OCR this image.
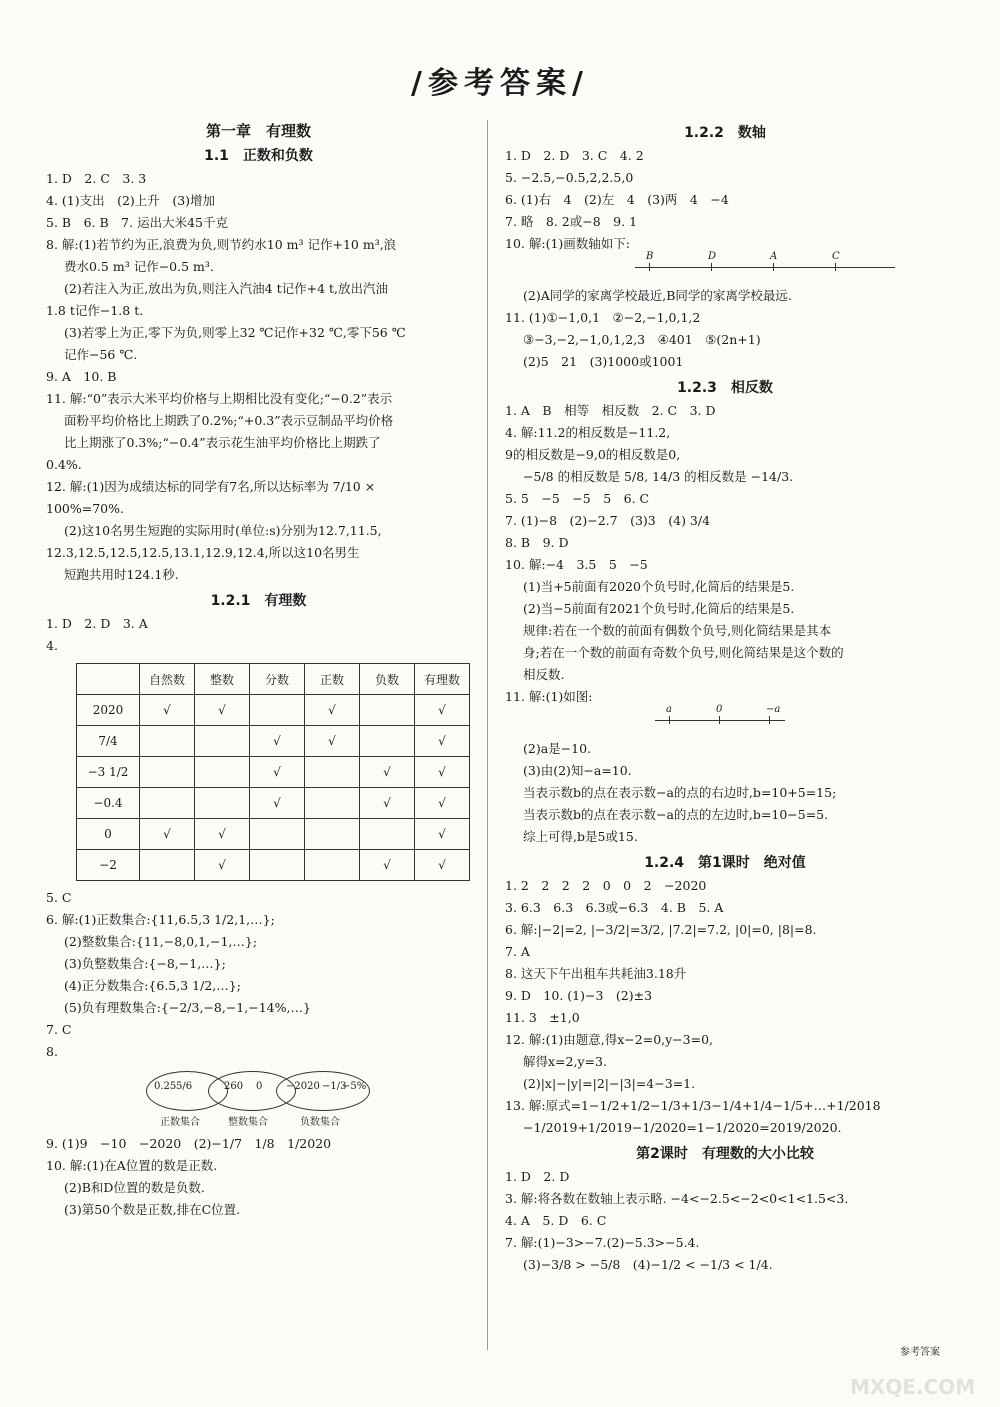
/参考答案/
第一章　有理数
1.1　正数和负数
1. D　2. C　3. 3
4. (1)支出　(2)上升　(3)增加
5. B　6. B　7. 运出大米45千克
8. 解:(1)若节约为正,浪费为负,则节约水10 m³ 记作+10 m³,浪
费水0.5 m³ 记作−0.5 m³.
(2)若注入为正,放出为负,则注入汽油4 t记作+4 t,放出汽油
1.8 t记作−1.8 t.
(3)若零上为正,零下为负,则零上32 ℃记作+32 ℃,零下56 ℃
记作−56 ℃.
9. A　10. B
11. 解:“0”表示大米平均价格与上期相比没有变化;“−0.2”表示
面粉平均价格比上期跌了0.2%;“+0.3”表示豆制品平均价格
比上期涨了0.3%;“−0.4”表示花生油平均价格比上期跌了
0.4%.
12. 解:(1)因为成绩达标的同学有7名,所以达标率为 7/10 ×
100%=70%.
(2)这10名男生短跑的实际用时(单位:s)分别为12.7,11.5,
12.3,12.5,12.5,12.5,13.1,12.9,12.4,所以这10名男生
短跑共用时124.1秒.
1.2.1　有理数
1. D　2. D　3. A
4.
	自然数	整数	分数	正数	负数	有理数
2020	√	√		√		√
7/4			√	√		√
−3 1/2			√		√	√
−0.4			√		√	√
0	√	√				√
−2		√			√	√
5. C
6. 解:(1)正数集合:{11,6.5,3 1/2,1,…};
(2)整数集合:{11,−8,0,1,−1,…};
(3)负整数集合:{−8,−1,…};
(4)正分数集合:{6.5,3 1/2,…};
(5)负有理数集合:{−2/3,−8,−1,−14%,…}
7. C
8.
0.25 5/6	260 0 −2020 −1/3
−5%
正数集合	整数集合	负数集合
9. (1)9　−10　−2020　(2)−1/7　1/8　1/2020
10. 解:(1)在A位置的数是正数.
(2)B和D位置的数是负数.
(3)第50个数是正数,排在C位置.
1.2.2　数轴
1. D　2. D　3. C　4. 2
5. −2.5,−0.5,2,2.5,0
6. (1)右　4　(2)左　4　(3)两　4　−4
7. 略　8. 2或−8　9. 1
10. 解:(1)画数轴如下:
B	D	A	C
(2)A同学的家离学校最近,B同学的家离学校最远.
11. (1)①−1,0,1　②−2,−1,0,1,2
③−3,−2,−1,0,1,2,3　④401　⑤(2n+1)
(2)5　21　(3)1000或1001
1.2.3　相反数
1. A　B　相等　相反数　2. C　3. D
4. 解:11.2的相反数是−11.2,
9的相反数是−9,0的相反数是0,
−5/8 的相反数是 5/8, 14/3 的相反数是 −14/3.
5. 5　−5　−5　5　6. C
7. (1)−8　(2)−2.7　(3)3　(4) 3/4
8. B　9. D
10. 解:−4　3.5　5　−5
(1)当+5前面有2020个负号时,化简后的结果是5.
(2)当−5前面有2021个负号时,化简后的结果是5.
规律:若在一个数的前面有偶数个负号,则化简结果是其本
身;若在一个数的前面有奇数个负号,则化简结果是这个数的
相反数.
11. 解:(1)如图:
a	0	−a
(2)a是−10.
(3)由(2)知−a=10.
当表示数b的点在表示数−a的点的右边时,b=10+5=15;
当表示数b的点在表示数−a的点的左边时,b=10−5=5.
综上可得,b是5或15.
1.2.4　第1课时　绝对值
1. 2　2　2　2　0　0　2　−2020
3. 6.3　6.3　6.3或−6.3　4. B　5. A
6. 解:|−2|=2, |−3/2|=3/2, |7.2|=7.2, |0|=0, |8|=8.
7. A
8. 这天下午出租车共耗油3.18升
9. D　10. (1)−3　(2)±3
11. 3　±1,0
12. 解:(1)由题意,得x−2=0,y−3=0,
解得x=2,y=3.
(2)|x|−|y|=|2|−|3|=4−3=1.
13. 解:原式=1−1/2+1/2−1/3+1/3−1/4+1/4−1/5+…+1/2018
−1/2019+1/2019−1/2020=1−1/2020=2019/2020.
第2课时　有理数的大小比较
1. D　2. D
3. 解:将各数在数轴上表示略. −4<−2.5<−2<0<1<1.5<3.
4. A　5. D　6. C
7. 解:(1)−3>−7.(2)−5.3>−5.4.
(3)−3/8 > −5/8　(4)−1/2 < −1/3 < 1/4.
参考答案
MXQE.COM
